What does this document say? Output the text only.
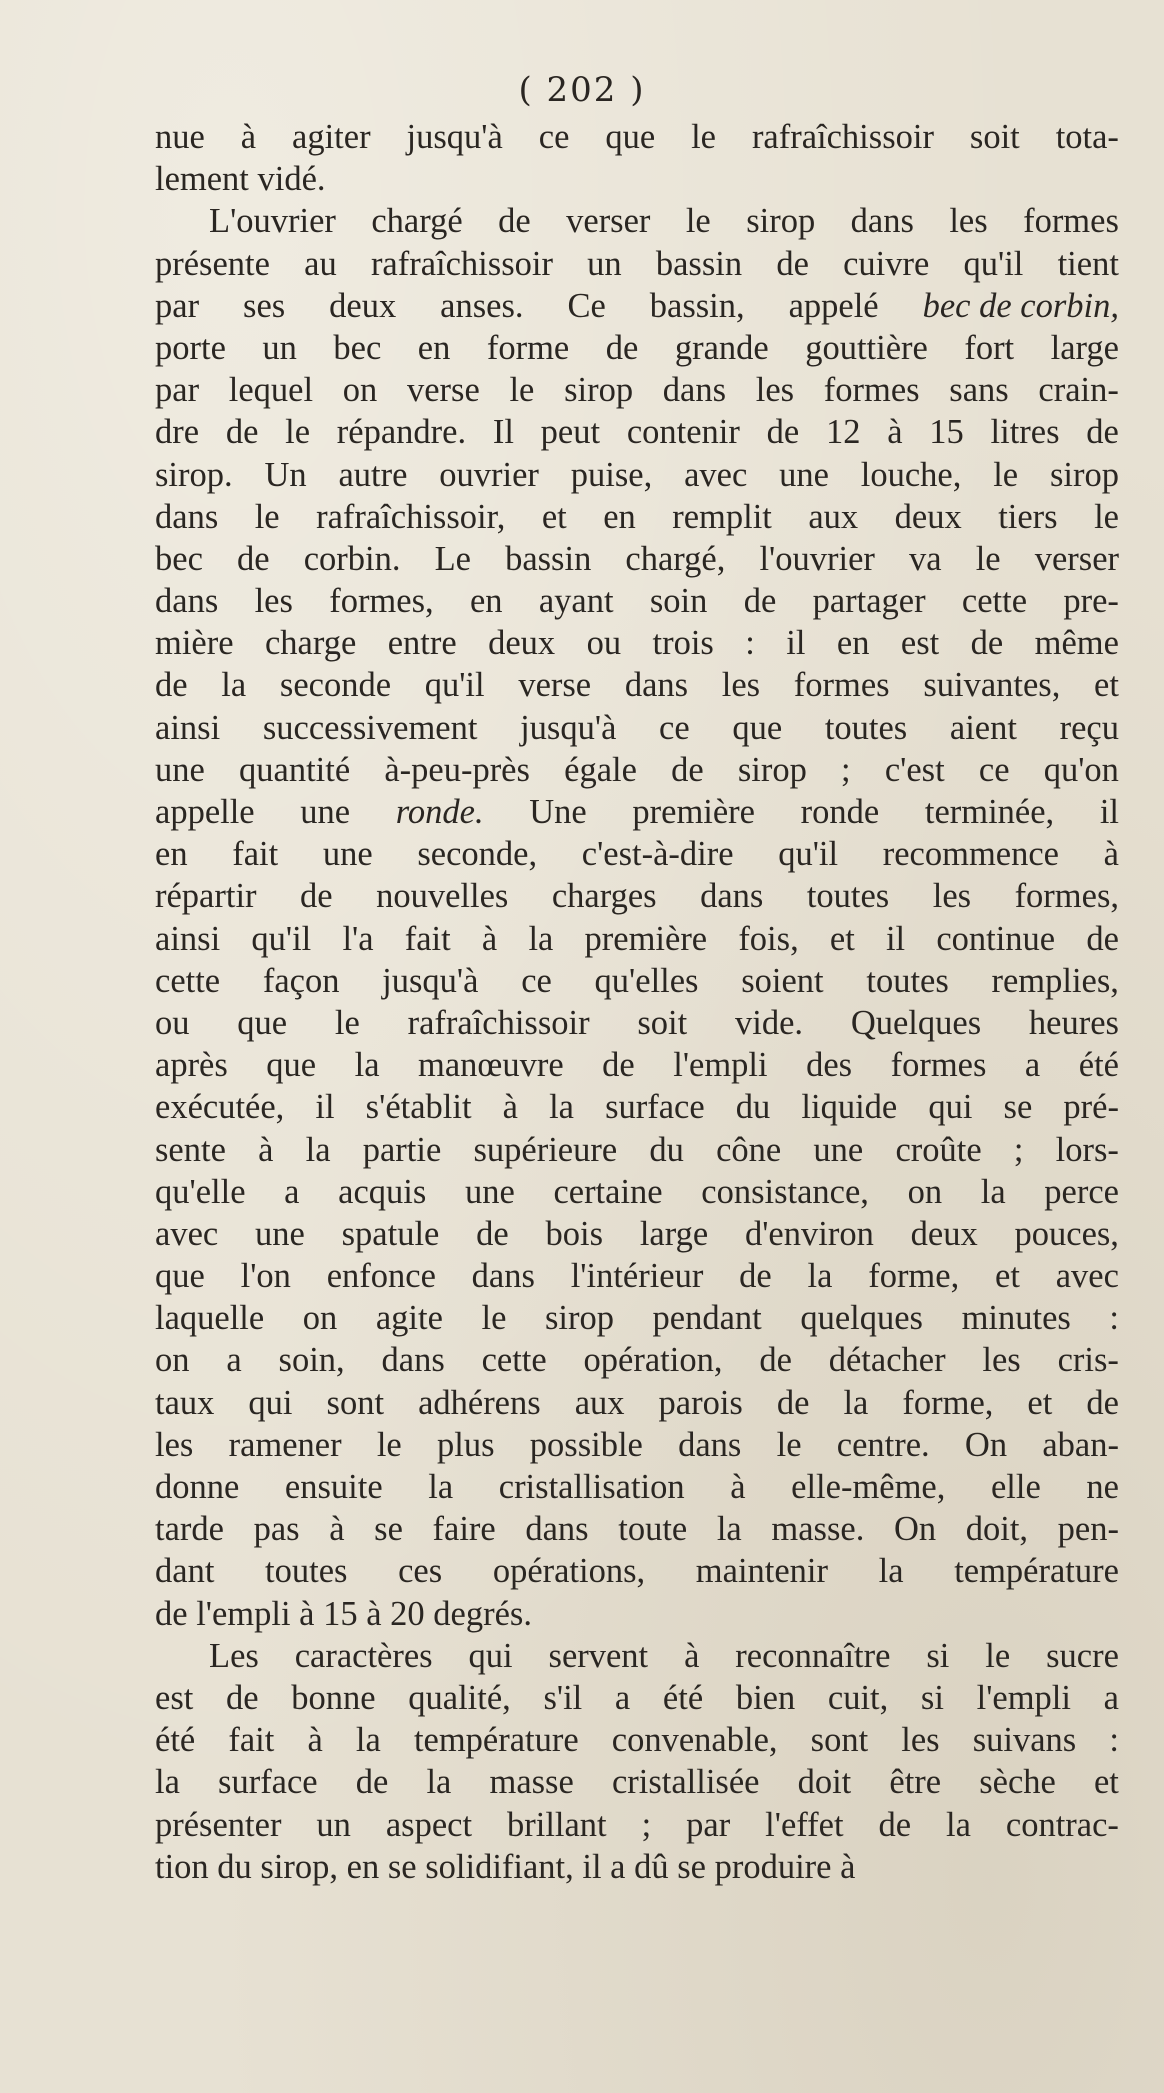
( 202 )
nue à agiter jusqu'à ce que le rafraîchissoir soit tota-
lement vidé.
L'ouvrier chargé de verser le sirop dans les formes
présente au rafraîchissoir un bassin de cuivre qu'il tient
par ses deux anses. Ce bassin, appelé bec de corbin,
porte un bec en forme de grande gouttière fort large
par lequel on verse le sirop dans les formes sans crain-
dre de le répandre. Il peut contenir de 12 à 15 litres de
sirop. Un autre ouvrier puise, avec une louche, le sirop
dans le rafraîchissoir, et en remplit aux deux tiers le
bec de corbin. Le bassin chargé, l'ouvrier va le verser
dans les formes, en ayant soin de partager cette pre-
mière charge entre deux ou trois : il en est de même
de la seconde qu'il verse dans les formes suivantes, et
ainsi successivement jusqu'à ce que toutes aient reçu
une quantité à-peu-près égale de sirop ; c'est ce qu'on
appelle une ronde. Une première ronde terminée, il
en fait une seconde, c'est-à-dire qu'il recommence à
répartir de nouvelles charges dans toutes les formes,
ainsi qu'il l'a fait à la première fois, et il continue de
cette façon jusqu'à ce qu'elles soient toutes remplies,
ou que le rafraîchissoir soit vide. Quelques heures
après que la manœuvre de l'empli des formes a été
exécutée, il s'établit à la surface du liquide qui se pré-
sente à la partie supérieure du cône une croûte ; lors-
qu'elle a acquis une certaine consistance, on la perce
avec une spatule de bois large d'environ deux pouces,
que l'on enfonce dans l'intérieur de la forme, et avec
laquelle on agite le sirop pendant quelques minutes :
on a soin, dans cette opération, de détacher les cris-
taux qui sont adhérens aux parois de la forme, et de
les ramener le plus possible dans le centre. On aban-
donne ensuite la cristallisation à elle-même, elle ne
tarde pas à se faire dans toute la masse. On doit, pen-
dant toutes ces opérations, maintenir la température
de l'empli à 15 à 20 degrés.
Les caractères qui servent à reconnaître si le sucre
est de bonne qualité, s'il a été bien cuit, si l'empli a
été fait à la température convenable, sont les suivans :
la surface de la masse cristallisée doit être sèche et
présenter un aspect brillant ; par l'effet de la contrac-
tion du sirop, en se solidifiant, il a dû se produire à
